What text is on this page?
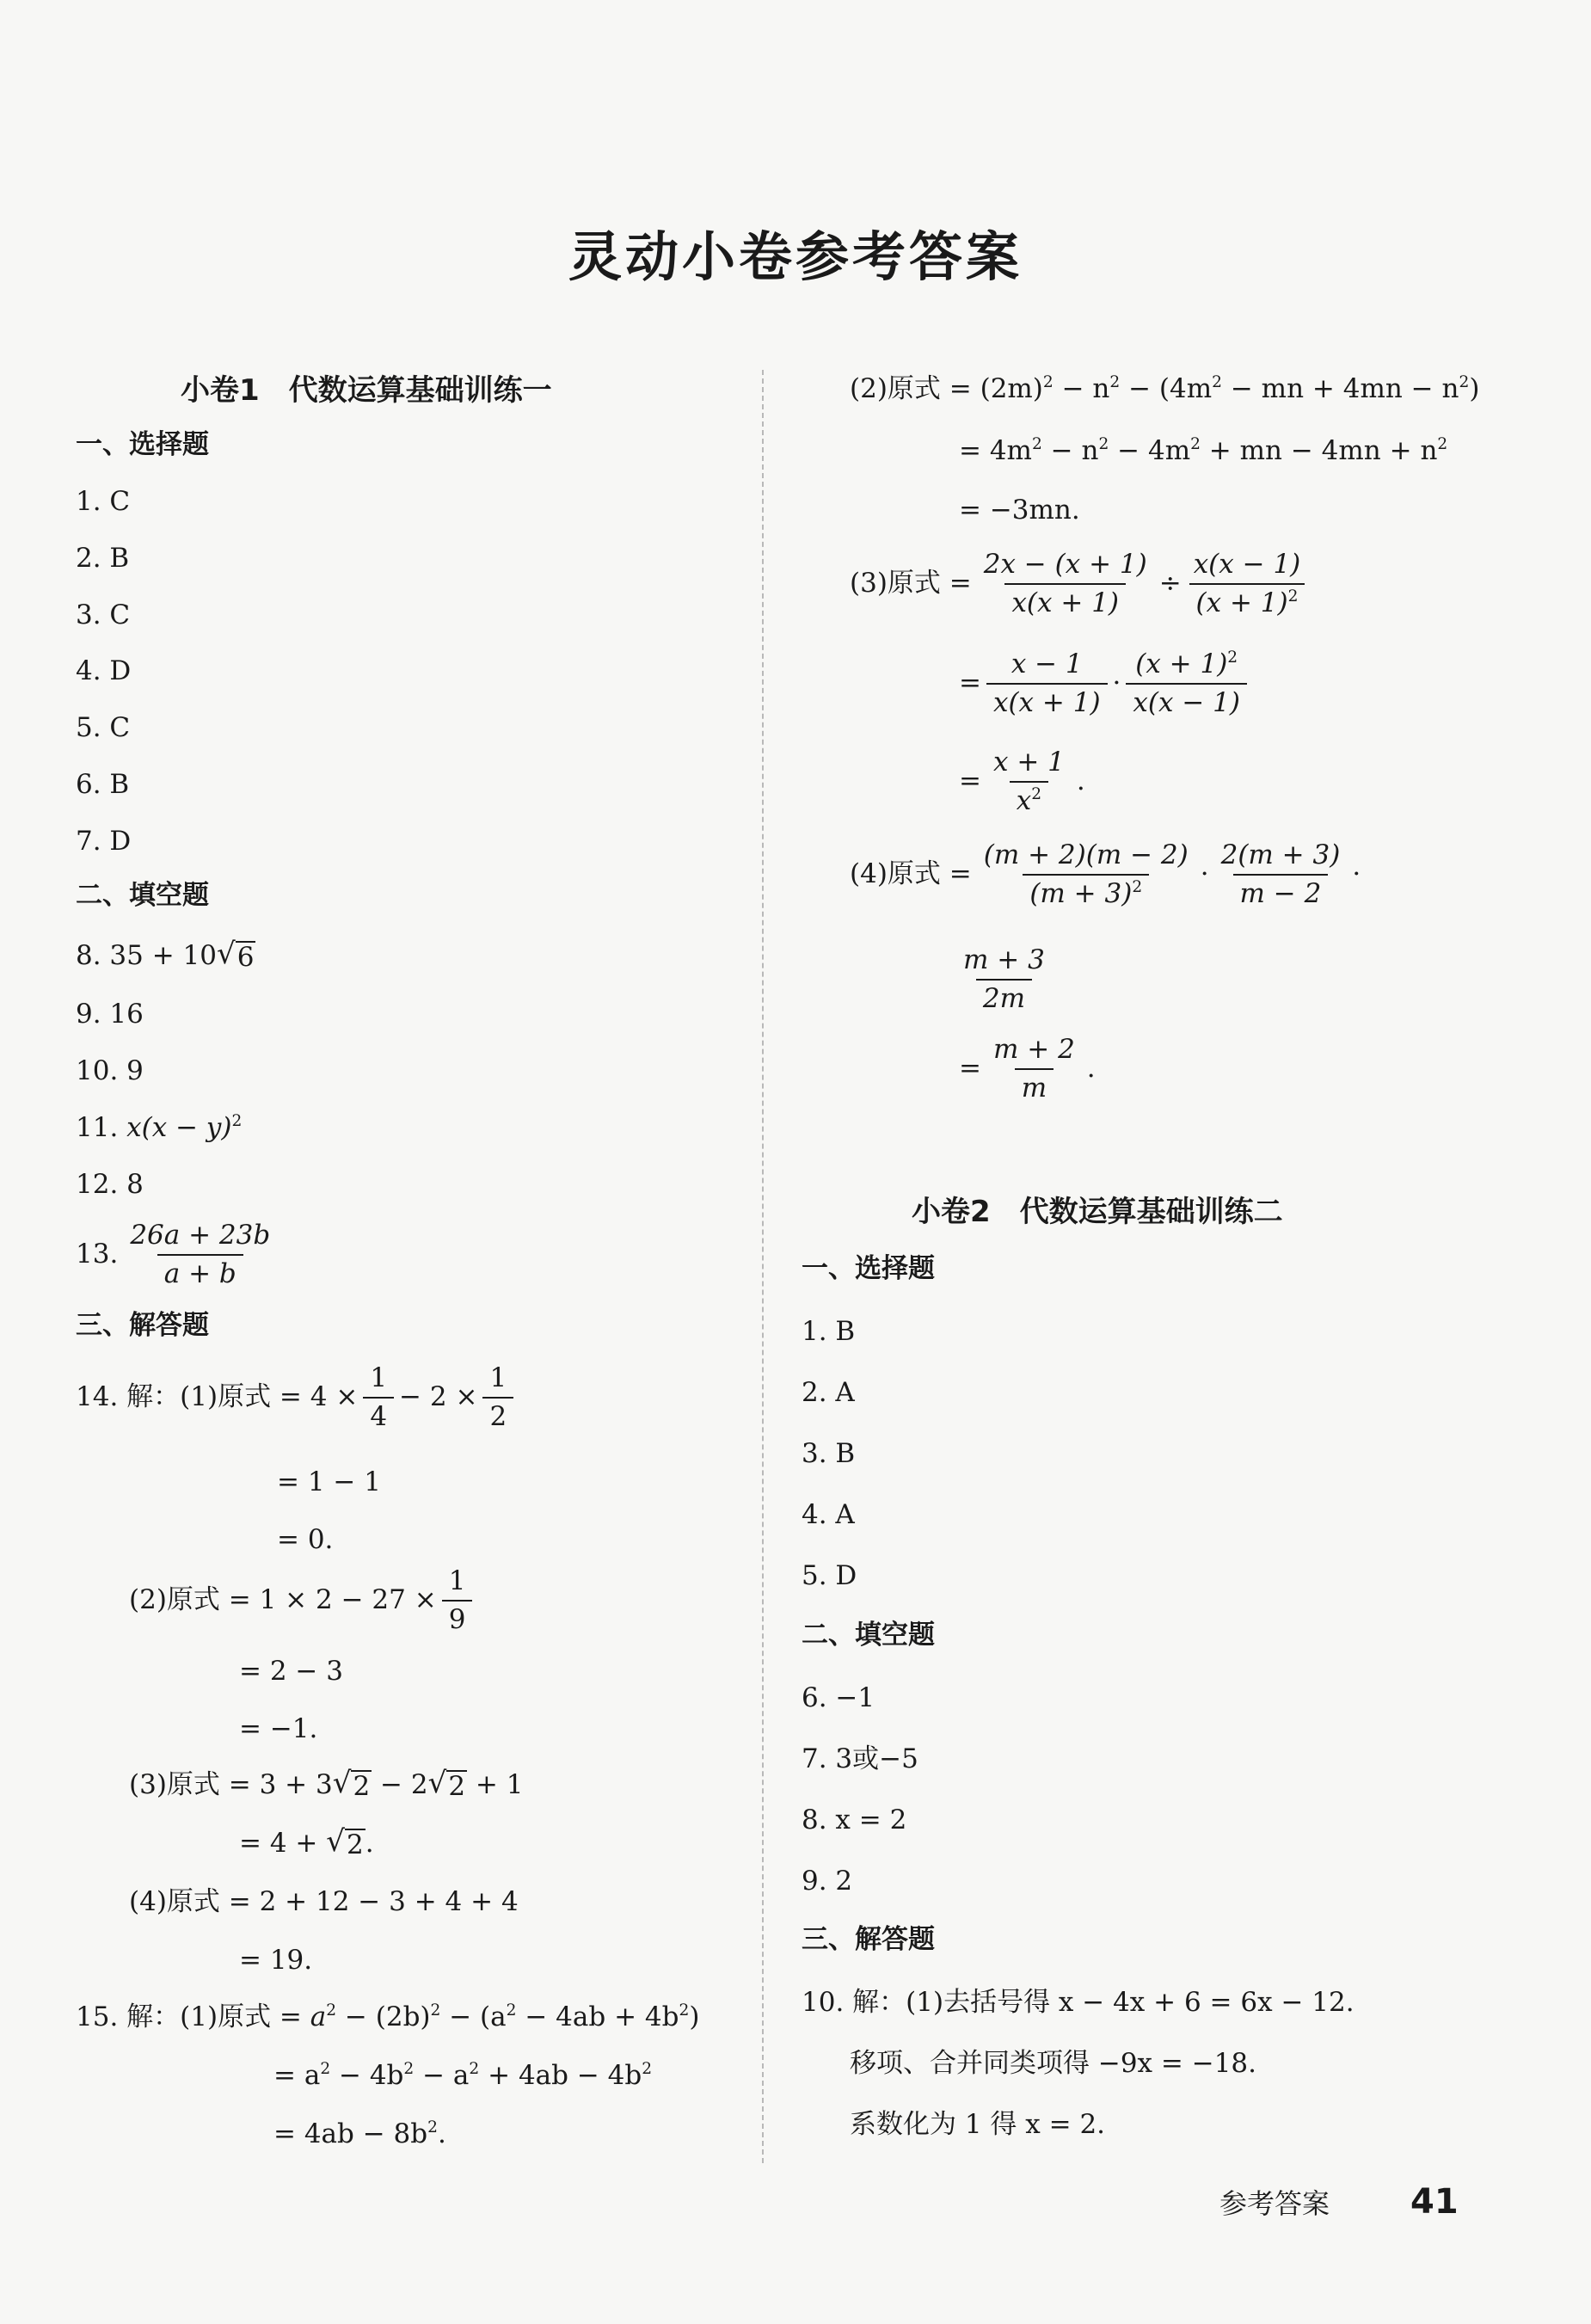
灵动小卷参考答案
小卷1　代数运算基础训练一
一、选择题
1. C
2. B
3. C
4. D
5. C
6. B
7. D
二、填空题
8. 35 + 10 √ 6
9. 16
10. 9
11. $x(x - y)^2$
12. 8
13. $\frac{26a + 23b}{a + b}$
三、解答题
14. 解：(1)原式 = $4 \times \frac{1}{4} - 2 \times \frac{1}{2}$
= 1 − 1
= 0.
(2)原式 = $1 \times 2 - 27 \times \frac{1}{9}$
= 2 − 3
= −1.
(3)原式 = 3 + 3 √ 2
− 2 √ 2
+ 1
= 4 +
√ 2 .
(4)原式 = 2 + 12 − 3 + 4 + 4
= 19.
15. 解：(1)原式 = $a^2 - (2b)^2 - (a^2 - 4ab + 4b^2)$
= $a^2 - 4b^2 - a^2 + 4ab - 4b^2$
= $4ab - 8b^2$.
(2)原式 = $(2m)^2 - n^2 - (4m^2$ − mn + $4mn - n^2$)
= $4m^2 - n^2 - 4m^2$ + mn − $4mn + n^2$
= −3mn.
(3)原式 = $\frac{2x - (x + 1)}{x(x + 1)} \div \frac{x(x - 1)}{(x + 1)^2}$
= $\frac{x - 1}{x(x + 1)} \cdot \frac{(x + 1)^2}{x(x - 1)}$
= $\frac{x + 1}{x^2}$ .
(4)原式 = $\frac{(m + 2)(m - 2)}{(m + 3)^2} \cdot \frac{2(m + 3)}{m - 2}$ ·
$\frac{m + 3}{2m}$
= $\frac{m + 2}{m}$ .
小卷2　代数运算基础训练二
一、选择题
1. B
2. A
3. B
4. A
5. D
二、填空题
6. −1
7. 3或−5
8. x = 2
9. 2
三、解答题
10. 解：(1)去括号得 x − 4x + 6 = 6x − 12.
移项、合并同类项得 −9x = −18.
系数化为 1 得 x = 2.
参考答案 41
